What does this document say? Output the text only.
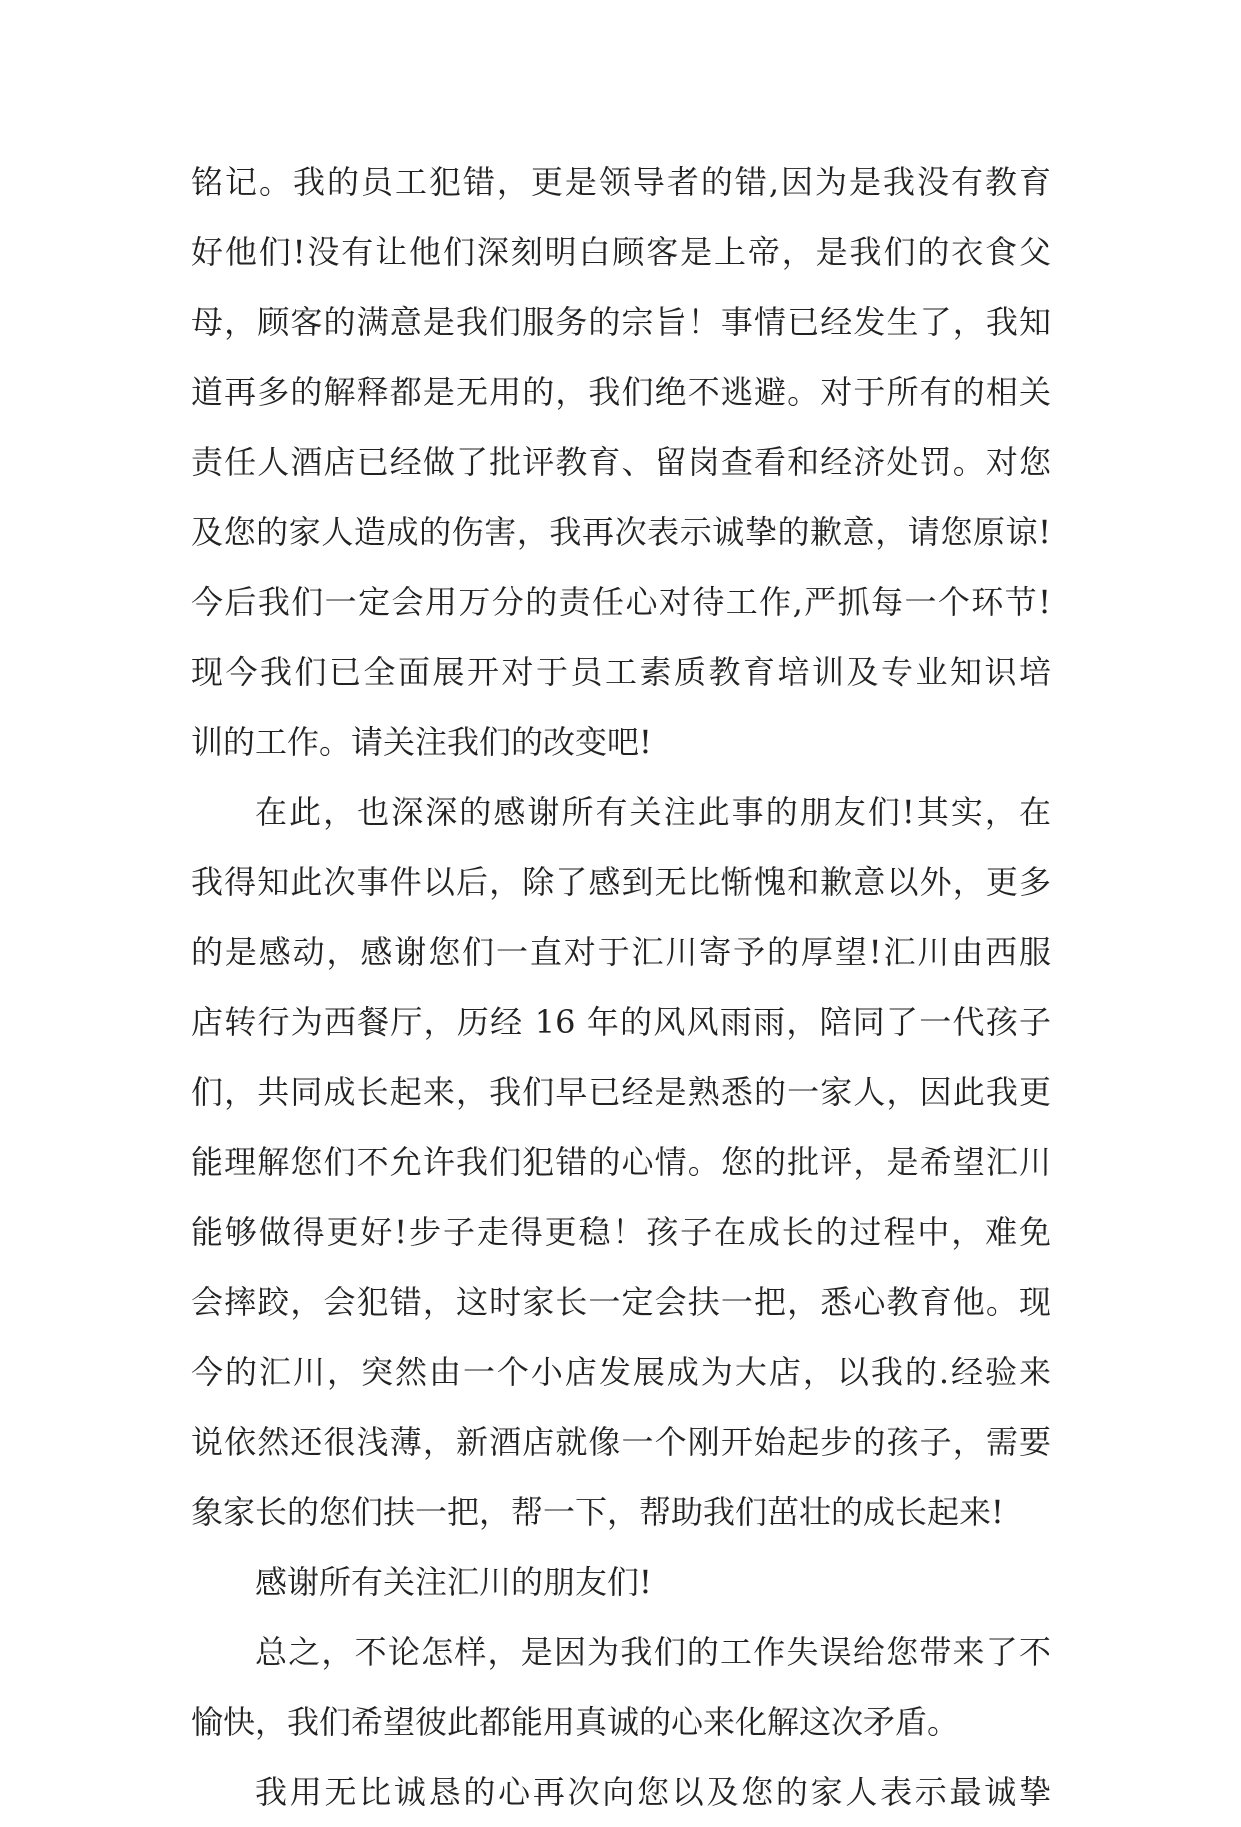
铭记。我的员工犯错，更是领导者的错,因为是我没有教育
好他们!没有让他们深刻明白顾客是上帝，是我们的衣食父
母，顾客的满意是我们服务的宗旨！事情已经发生了，我知
道再多的解释都是无用的，我们绝不逃避。对于所有的相关
责任人酒店已经做了批评教育、留岗查看和经济处罚。对您
及您的家人造成的伤害，我再次表示诚挚的歉意，请您原谅!
今后我们一定会用万分的责任心对待工作,严抓每一个环节!
现今我们已全面展开对于员工素质教育培训及专业知识培
训的工作。请关注我们的改变吧!
在此，也深深的感谢所有关注此事的朋友们!其实，在
我得知此次事件以后，除了感到无比惭愧和歉意以外，更多
的是感动，感谢您们一直对于汇川寄予的厚望!汇川由西服
店转行为西餐厅，历经 16 年的风风雨雨，陪同了一代孩子
们，共同成长起来，我们早已经是熟悉的一家人，因此我更
能理解您们不允许我们犯错的心情。您的批评，是希望汇川
能够做得更好!步子走得更稳！孩子在成长的过程中，难免
会摔跤，会犯错，这时家长一定会扶一把，悉心教育他。现
今的汇川，突然由一个小店发展成为大店，以我的.经验来
说依然还很浅薄，新酒店就像一个刚开始起步的孩子，需要
象家长的您们扶一把，帮一下，帮助我们茁壮的成长起来!
感谢所有关注汇川的朋友们!
总之，不论怎样，是因为我们的工作失误给您带来了不
愉快，我们希望彼此都能用真诚的心来化解这次矛盾。
我用无比诚恳的心再次向您以及您的家人表示最诚挚
